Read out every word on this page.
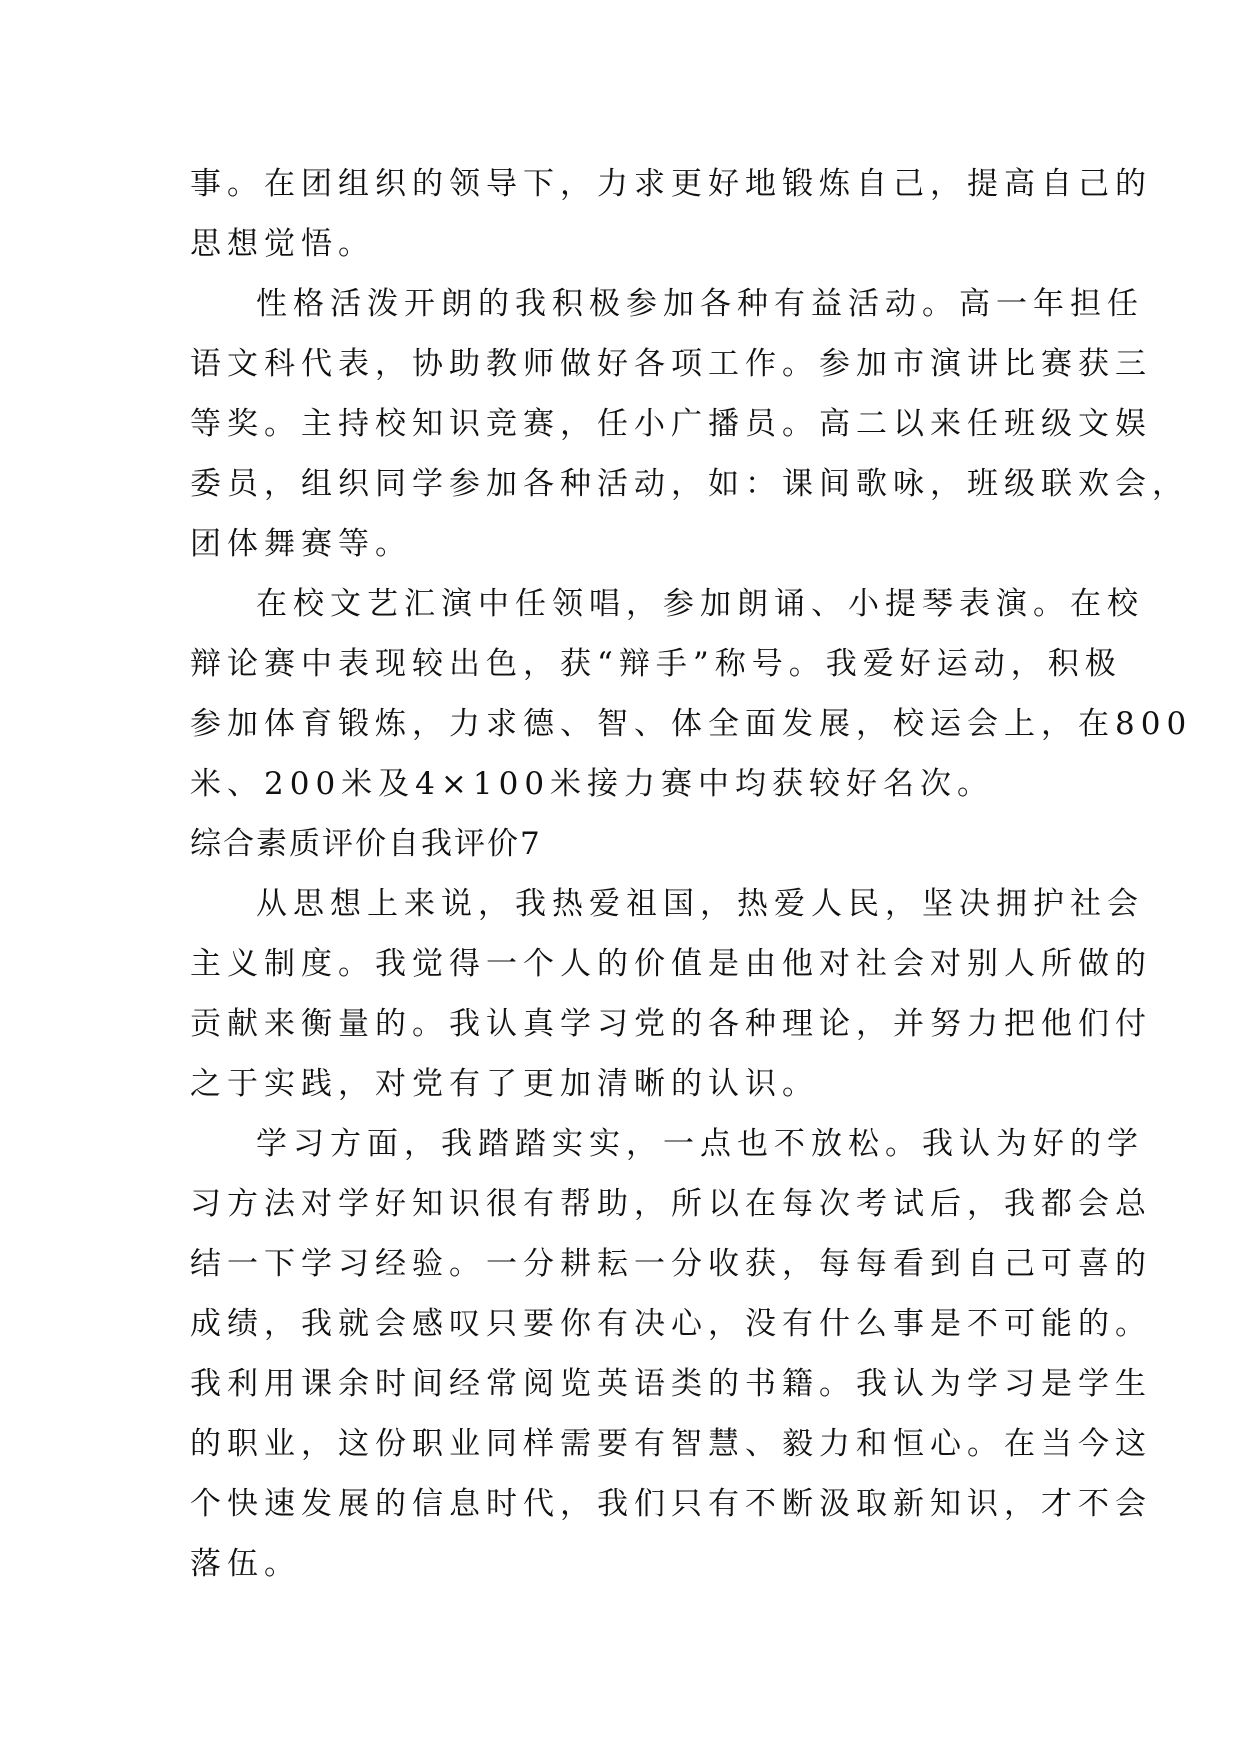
事。在团组织的领导下，力求更好地锻炼自己，提高自己的
思想觉悟。
性格活泼开朗的我积极参加各种有益活动。高一年担任
语文科代表，协助教师做好各项工作。参加市演讲比赛获三
等奖。主持校知识竞赛，任小广播员。高二以来任班级文娱
委员，组织同学参加各种活动，如：课间歌咏，班级联欢会，
团体舞赛等。
在校文艺汇演中任领唱，参加朗诵、小提琴表演。在校
辩论赛中表现较出色，获“辩手”称号。我爱好运动，积极
参加体育锻炼，力求德、智、体全面发展，校运会上，在800
米、200米及4×100米接力赛中均获较好名次。
综合素质评价自我评价7
从思想上来说，我热爱祖国，热爱人民，坚决拥护社会
主义制度。我觉得一个人的价值是由他对社会对别人所做的
贡献来衡量的。我认真学习党的各种理论，并努力把他们付
之于实践，对党有了更加清晰的认识。
学习方面，我踏踏实实，一点也不放松。我认为好的学
习方法对学好知识很有帮助，所以在每次考试后，我都会总
结一下学习经验。一分耕耘一分收获，每每看到自己可喜的
成绩，我就会感叹只要你有决心，没有什么事是不可能的。
我利用课余时间经常阅览英语类的书籍。我认为学习是学生
的职业，这份职业同样需要有智慧、毅力和恒心。在当今这
个快速发展的信息时代，我们只有不断汲取新知识，才不会
落伍。
